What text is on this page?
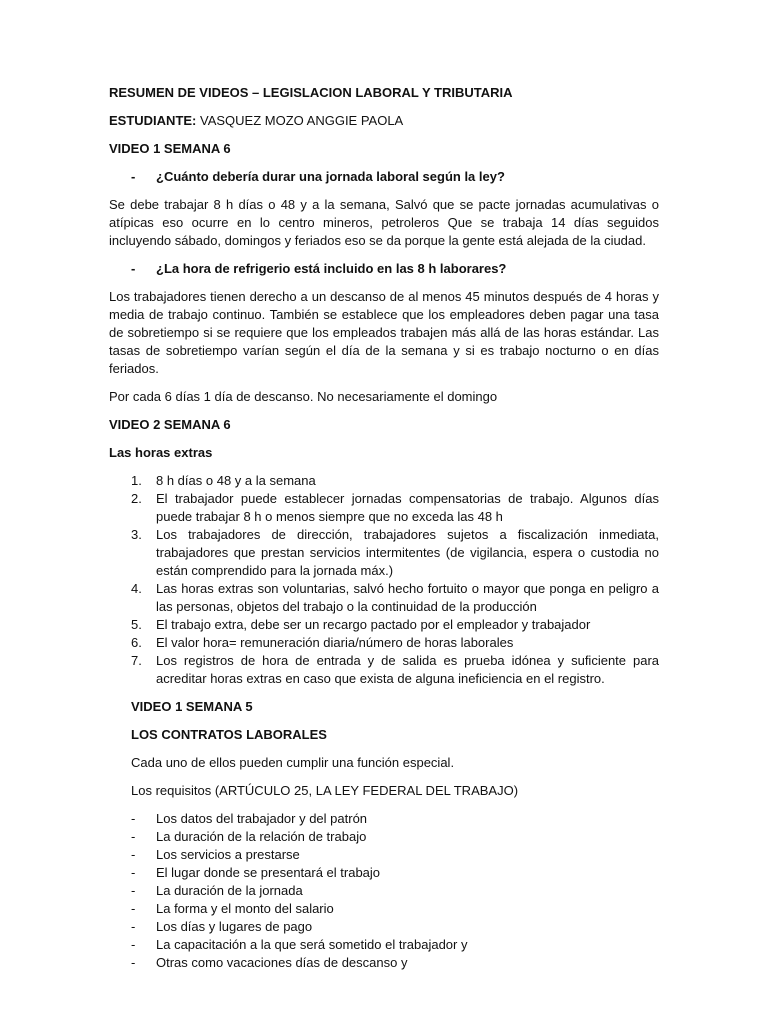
RESUMEN DE VIDEOS – LEGISLACION LABORAL Y TRIBUTARIA
ESTUDIANTE: VASQUEZ MOZO ANGGIE PAOLA
VIDEO 1 SEMANA 6
-	¿Cuánto debería durar una jornada laboral según la ley?
Se debe trabajar 8 h días o 48 y a la semana, Salvó que se pacte jornadas acumulativas o atípicas eso ocurre en lo centro mineros, petroleros Que se trabaja 14 días seguidos incluyendo sábado, domingos y feriados eso se da porque la gente está alejada de la ciudad.
-	¿La hora de refrigerio está incluido en las 8 h laborares?
Los trabajadores tienen derecho a un descanso de al menos 45 minutos después de 4 horas y media de trabajo continuo. También se establece que los empleadores deben pagar una tasa de sobretiempo si se requiere que los empleados trabajen más allá de las horas estándar. Las tasas de sobretiempo varían según el día de la semana y si es trabajo nocturno o en días feriados.
Por cada 6 días 1 día de descanso. No necesariamente el domingo
VIDEO 2 SEMANA 6
Las horas extras
1.	8 h días o 48 y a la semana
2.	El trabajador puede establecer jornadas compensatorias de trabajo. Algunos días puede trabajar 8 h o menos siempre que no exceda las 48 h
3.	Los trabajadores de dirección, trabajadores sujetos a fiscalización inmediata, trabajadores que prestan servicios intermitentes (de vigilancia, espera o custodia no están comprendido para la jornada máx.)
4.	Las horas extras son voluntarias, salvó hecho fortuito o mayor que ponga en peligro a las personas, objetos del trabajo o la continuidad de la producción
5.	El trabajo extra, debe ser un recargo pactado por el empleador y trabajador
6.	El valor hora= remuneración diaria/número de horas laborales
7.	Los registros de hora de entrada y de salida es prueba idónea y suficiente para acreditar horas extras en caso que exista de alguna ineficiencia en el registro.
VIDEO 1 SEMANA 5
LOS CONTRATOS LABORALES
Cada uno de ellos pueden cumplir una función especial.
Los requisitos (ARTÚCULO 25, LA LEY FEDERAL DEL TRABAJO)
-	Los datos del trabajador y del patrón
-	La duración de la relación de trabajo
-	Los servicios a prestarse
-	El lugar donde se presentará el trabajo
-	La duración de la jornada
-	La forma y el monto del salario
-	Los días y lugares de pago
-	La capacitación a la que será sometido el trabajador y
-	Otras como vacaciones días de descanso y
